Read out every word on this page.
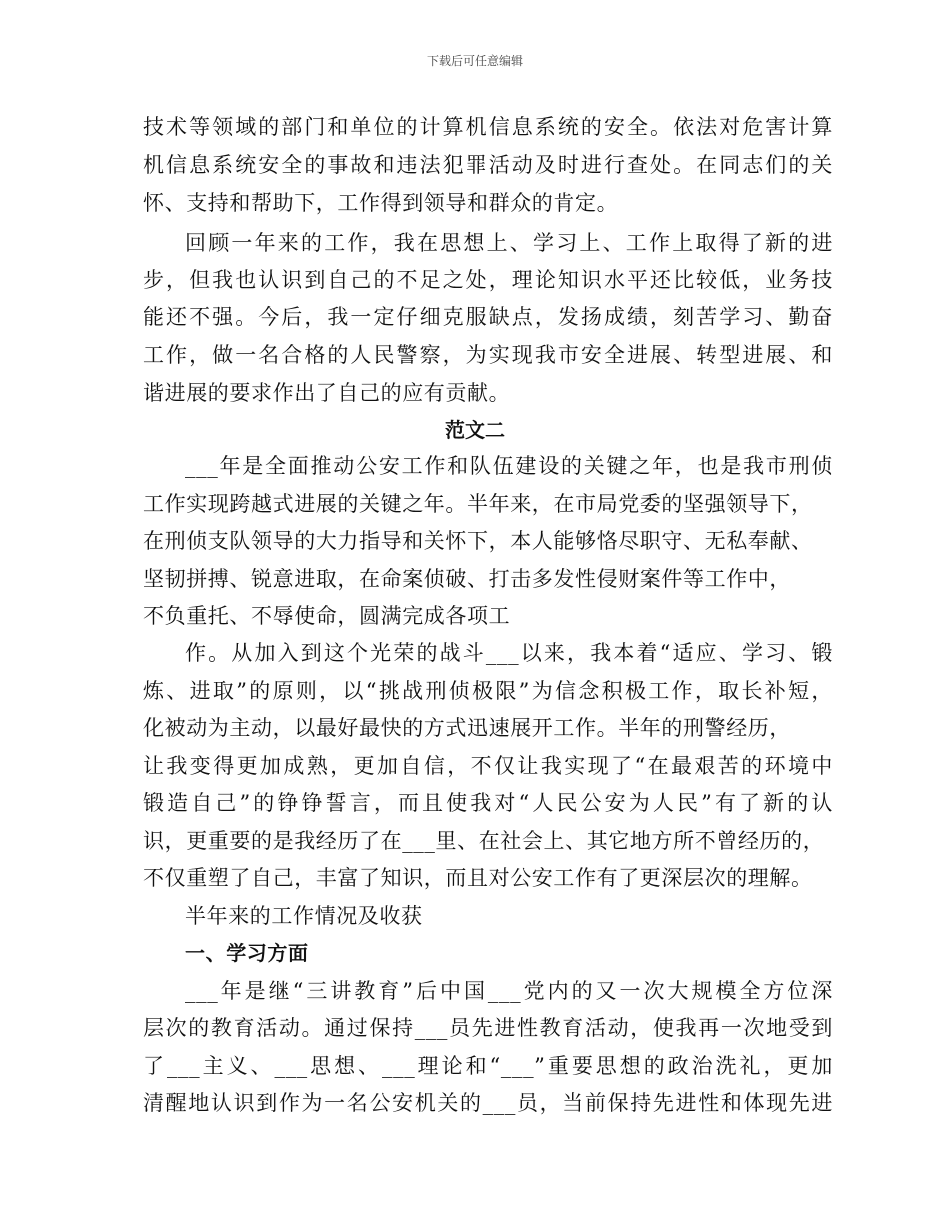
下载后可任意编辑
技术等领域的部门和单位的计算机信息系统的安全。依法对危害计算
机信息系统安全的事故和违法犯罪活动及时进行查处。在同志们的关
怀、支持和帮助下，工作得到领导和群众的肯定。
回顾一年来的工作，我在思想上、学习上、工作上取得了新的进
步，但我也认识到自己的不足之处，理论知识水平还比较低，业务技
能还不强。今后，我一定仔细克服缺点，发扬成绩，刻苦学习、勤奋
工作，做一名合格的人民警察，为实现我市安全进展、转型进展、和
谐进展的要求作出了自己的应有贡献。
范文二
___年是全面推动公安工作和队伍建设的关键之年，也是我市刑侦
工作实现跨越式进展的关键之年。半年来，在市局党委的坚强领导下，
在刑侦支队领导的大力指导和关怀下，本人能够恪尽职守、无私奉献、
坚韧拼搏、锐意进取，在命案侦破、打击多发性侵财案件等工作中，
不负重托、不辱使命，圆满完成各项工
作。从加入到这个光荣的战斗___以来，我本着“适应、学习、锻
炼、进取”的原则，以“挑战刑侦极限”为信念积极工作，取长补短，
化被动为主动，以最好最快的方式迅速展开工作。半年的刑警经历，
让我变得更加成熟，更加自信，不仅让我实现了“在最艰苦的环境中
锻造自己”的铮铮誓言，而且使我对“人民公安为人民”有了新的认
识，更重要的是我经历了在___里、在社会上、其它地方所不曾经历的，
不仅重塑了自己，丰富了知识，而且对公安工作有了更深层次的理解。
半年来的工作情况及收获
一、学习方面
___年是继“三讲教育”后中国___党内的又一次大规模全方位深
层次的教育活动。通过保持___员先进性教育活动，使我再一次地受到
了___主义、___思想、___理论和“___”重要思想的政治洗礼，更加
清醒地认识到作为一名公安机关的___员，当前保持先进性和体现先进
